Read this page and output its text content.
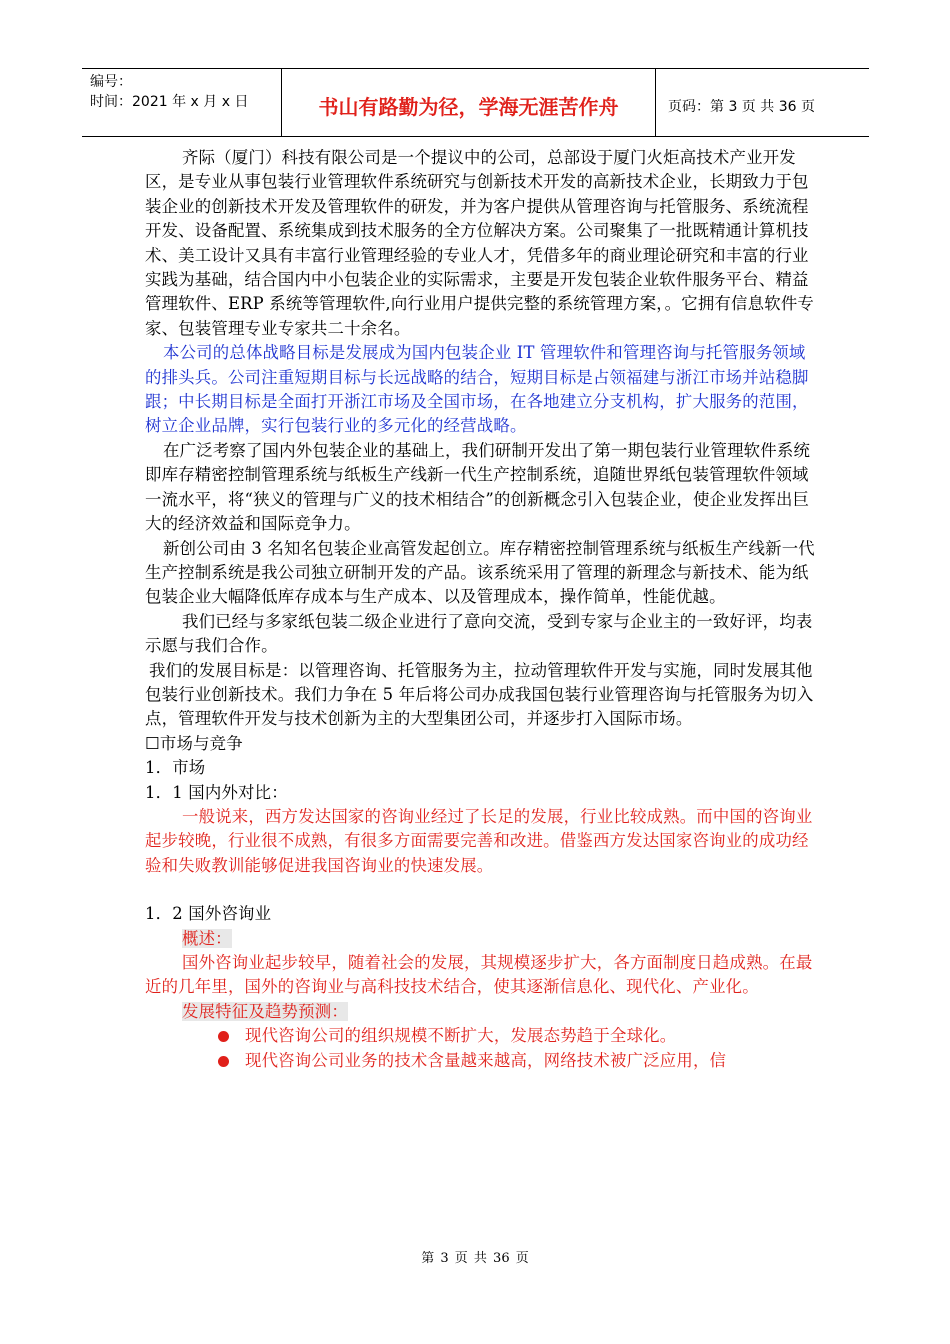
编号：
时间：2021 年 x 月 x 日	书山有路勤为径，学海无涯苦作舟	页码：第 3 页 共 36 页

齐际（厦门）科技有限公司是一个提议中的公司，总部设于厦门火炬高技术产业开发区，是专业从事包装行业管理软件系统研究与创新技术开发的高新技术企业，长期致力于包装企业的创新技术开发及管理软件的研发，并为客户提供从管理咨询与托管服务、系统流程开发、设备配置、系统集成到技术服务的全方位解决方案。公司聚集了一批既精通计算机技术、美工设计又具有丰富行业管理经验的专业人才，凭借多年的商业理论研究和丰富的行业实践为基础，结合国内中小包装企业的实际需求，主要是开发包装企业软件服务平台、精益管理软件、ERP 系统等管理软件,向行业用户提供完整的系统管理方案，。它拥有信息软件专家、包装管理专业专家共二十余名。

本公司的总体战略目标是发展成为国内包装企业 IT 管理软件和管理咨询与托管服务领域的排头兵。公司注重短期目标与长远战略的结合，短期目标是占领福建与浙江市场并站稳脚跟；中长期目标是全面打开浙江市场及全国市场，在各地建立分支机构，扩大服务的范围，树立企业品牌，实行包装行业的多元化的经营战略。

在广泛考察了国内外包装企业的基础上，我们研制开发出了第一期包装行业管理软件系统即库存精密控制管理系统与纸板生产线新一代生产控制系统，追随世界纸包装管理软件领域一流水平，将“狭义的管理与广义的技术相结合”的创新概念引入包装企业，使企业发挥出巨大的经济效益和国际竞争力。

新创公司由 3 名知名包装企业高管发起创立。库存精密控制管理系统与纸板生产线新一代生产控制系统是我公司独立研制开发的产品。该系统采用了管理的新理念与新技术、能为纸包装企业大幅降低库存成本与生产成本、以及管理成本，操作简单，性能优越。

我们已经与多家纸包装二级企业进行了意向交流，受到专家与企业主的一致好评，均表示愿与我们合作。

我们的发展目标是：以管理咨询、托管服务为主，拉动管理软件开发与实施，同时发展其他包装行业创新技术。我们力争在 5 年后将公司办成我国包装行业管理咨询与托管服务为切入点，管理软件开发与技术创新为主的大型集团公司，并逐步打入国际市场。

☐市场与竞争

1．市场

1．1 国内外对比：

一般说来，西方发达国家的咨询业经过了长足的发展，行业比较成熟。而中国的咨询业起步较晚，行业很不成熟，有很多方面需要完善和改进。借鉴西方发达国家咨询业的成功经验和失败教训能够促进我国咨询业的快速发展。

1．2 国外咨询业

概述：

国外咨询业起步较早，随着社会的发展，其规模逐步扩大，各方面制度日趋成熟。在最近的几年里，国外的咨询业与高科技技术结合，使其逐渐信息化、现代化、产业化。

发展特征及趋势预测：

现代咨询公司的组织规模不断扩大，发展态势趋于全球化。
现代咨询公司业务的技术含量越来越高，网络技术被广泛应用，信
第 3 页 共 36 页
